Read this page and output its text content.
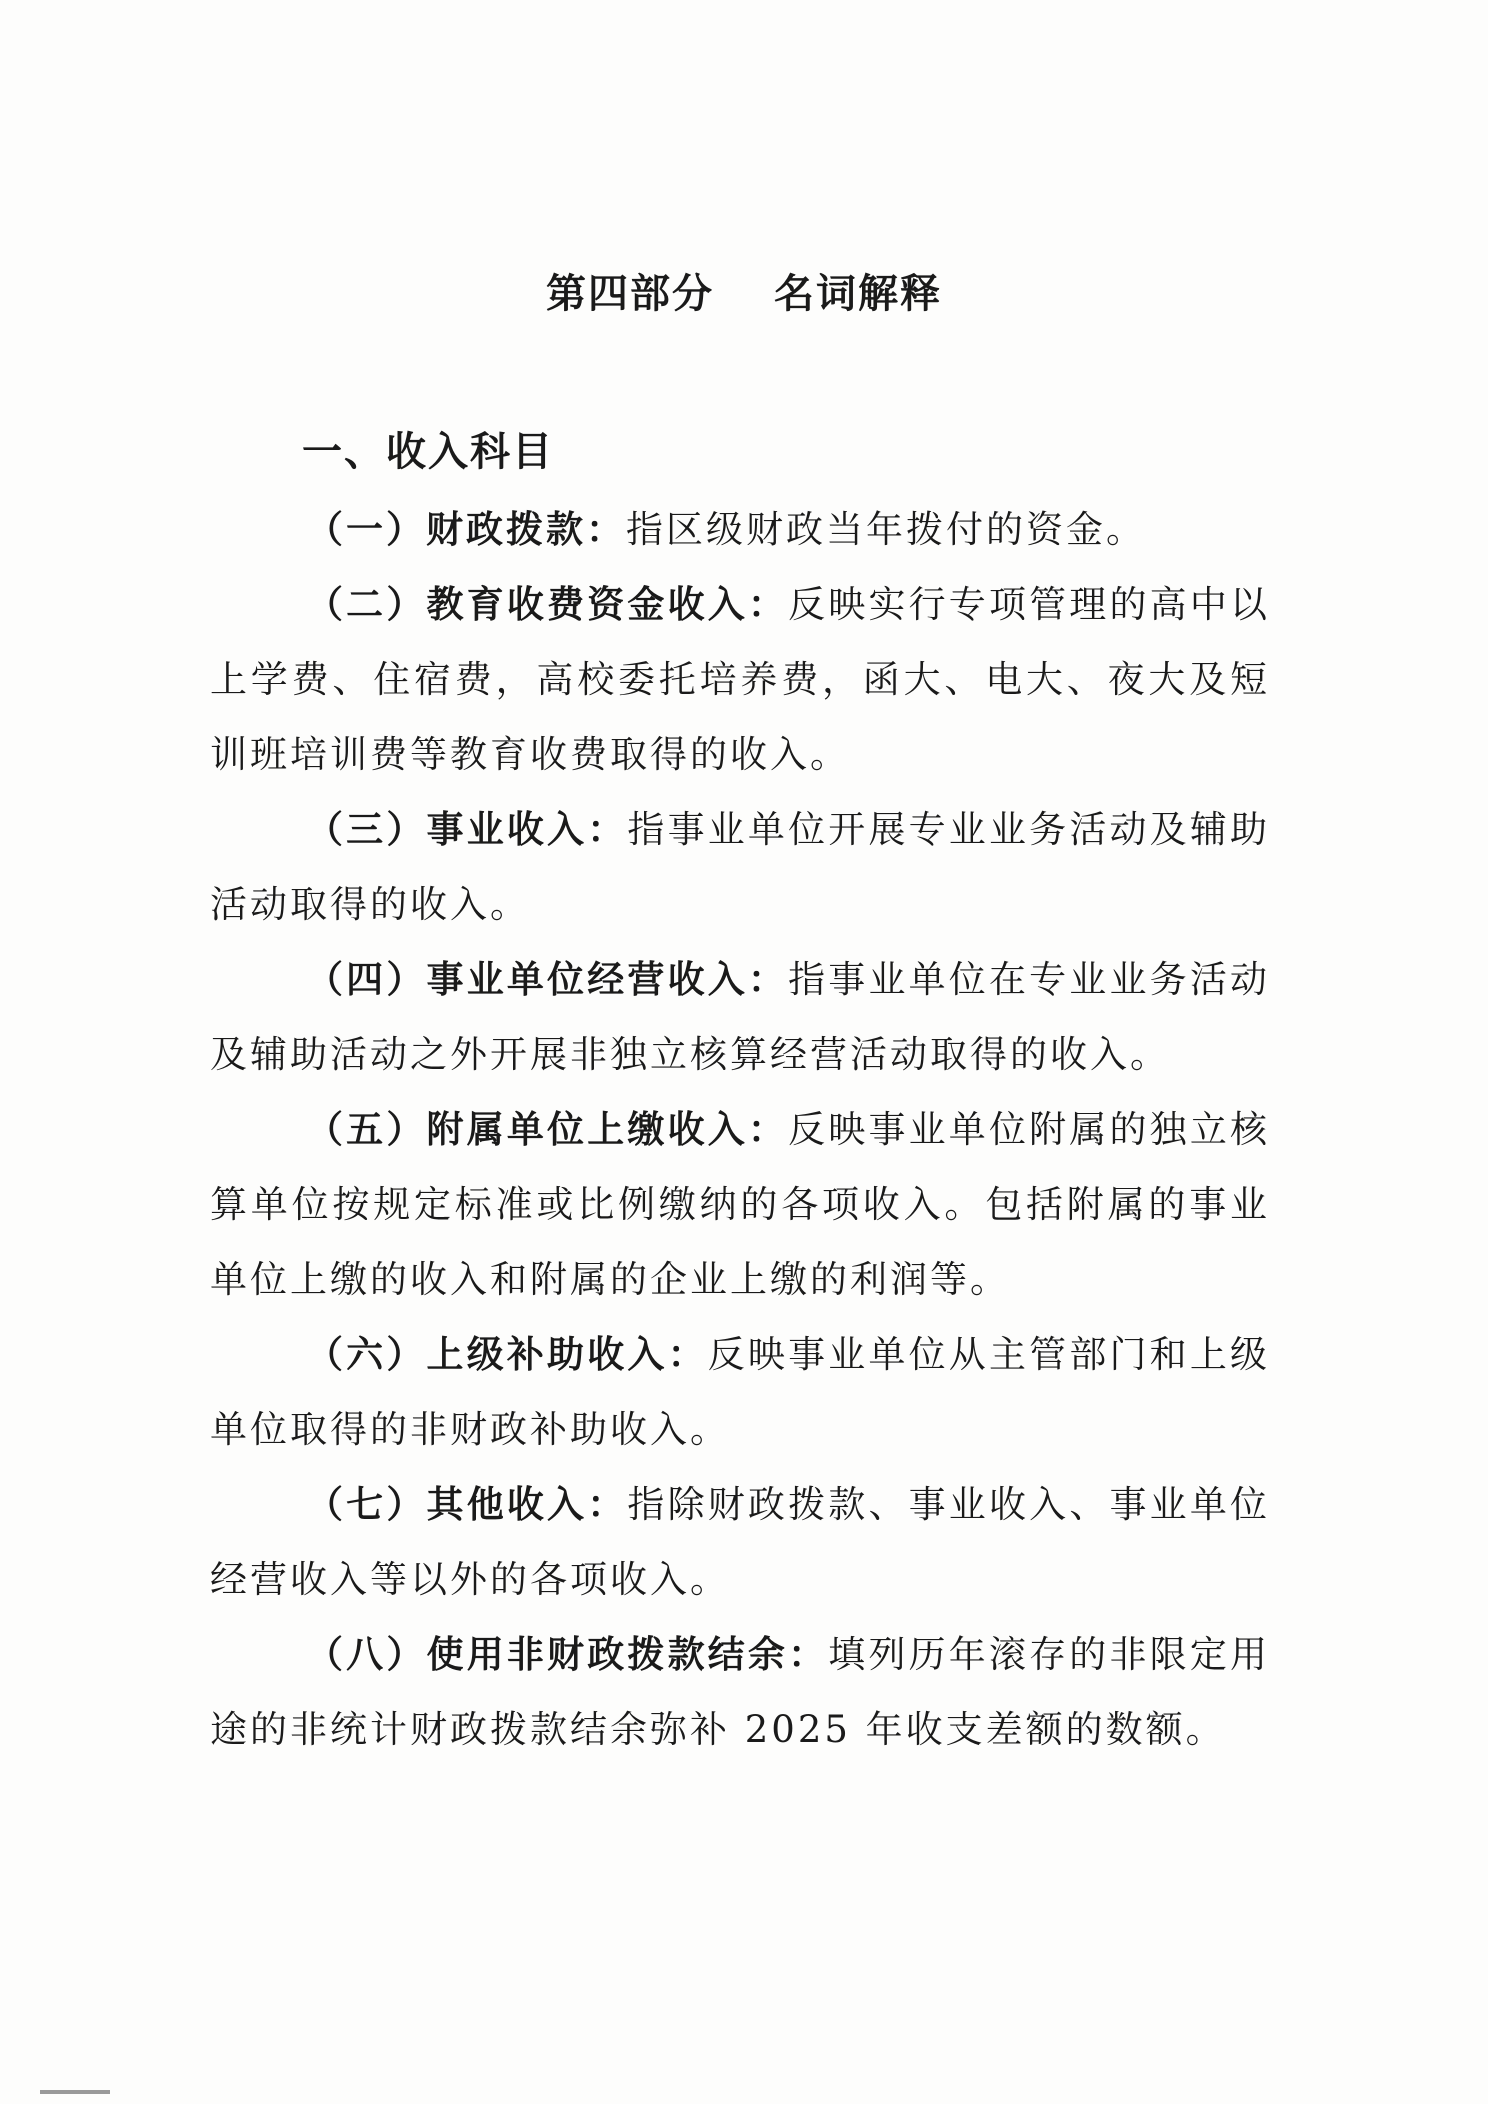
第四部分 名词解释
一、收入科目

（一）财政拨款：指区级财政当年拨付的资金。

（二）教育收费资金收入：反映实行专项管理的高中以上学费、住宿费，高校委托培养费，函大、电大、夜大及短训班培训费等教育收费取得的收入。

（三）事业收入：指事业单位开展专业业务活动及辅助活动取得的收入。

（四）事业单位经营收入：指事业单位在专业业务活动及辅助活动之外开展非独立核算经营活动取得的收入。

（五）附属单位上缴收入：反映事业单位附属的独立核算单位按规定标准或比例缴纳的各项收入。包括附属的事业单位上缴的收入和附属的企业上缴的利润等。

（六）上级补助收入：反映事业单位从主管部门和上级单位取得的非财政补助收入。

（七）其他收入：指除财政拨款、事业收入、事业单位经营收入等以外的各项收入。

（八）使用非财政拨款结余：填列历年滚存的非限定用途的非统计财政拨款结余弥补 2025 年收支差额的数额。
